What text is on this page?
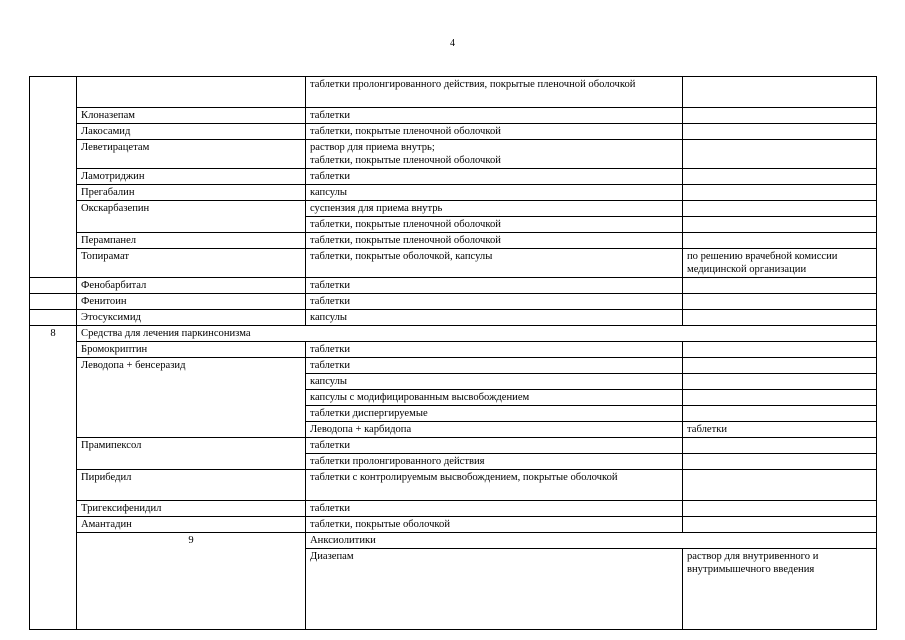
4
		таблетки пролонгированного действия, покрытые пленочной оболочкой		
	Клоназепам	таблетки		
	Лакосамид	таблетки, покрытые пленочной оболочкой		
	Леветирацетам	раствор для приема внутрь;
таблетки, покрытые пленочной оболочкой		

	Ламотриджин	таблетки		
	Прегабалин	капсулы		
	Окскарбазепин	суспензия для приема внутрь		
		таблетки, покрытые пленочной оболочкой		
	Перампанел	таблетки, покрытые пленочной оболочкой		
	Топирамат	таблетки, покрытые оболочкой, капсулы	по решению врачебной комиссии медицинской организации	
	Фенобарбитал	таблетки		
	Фенитоин	таблетки		
	Этосуксимид	капсулы		
8	Средства для лечения паркинсонизма			
	Бромокриптин	таблетки		
	Леводопа + бенсеразид	таблетки		
		капсулы		
		капсулы с модифицированным высвобождением		
		таблетки диспергируемые		
		Леводопа + карбидопа	таблетки	
	Прамипексол	таблетки		
		таблетки пролонгированного действия		
	Пирибедил	таблетки с контролируемым высвобождением, покрытые оболочкой		
	Тригексифенидил	таблетки		
	Амантадин	таблетки, покрытые оболочкой		
	9	Анксиолитики		
		Диазепам	раствор для внутривенного и внутримышечного введения	
